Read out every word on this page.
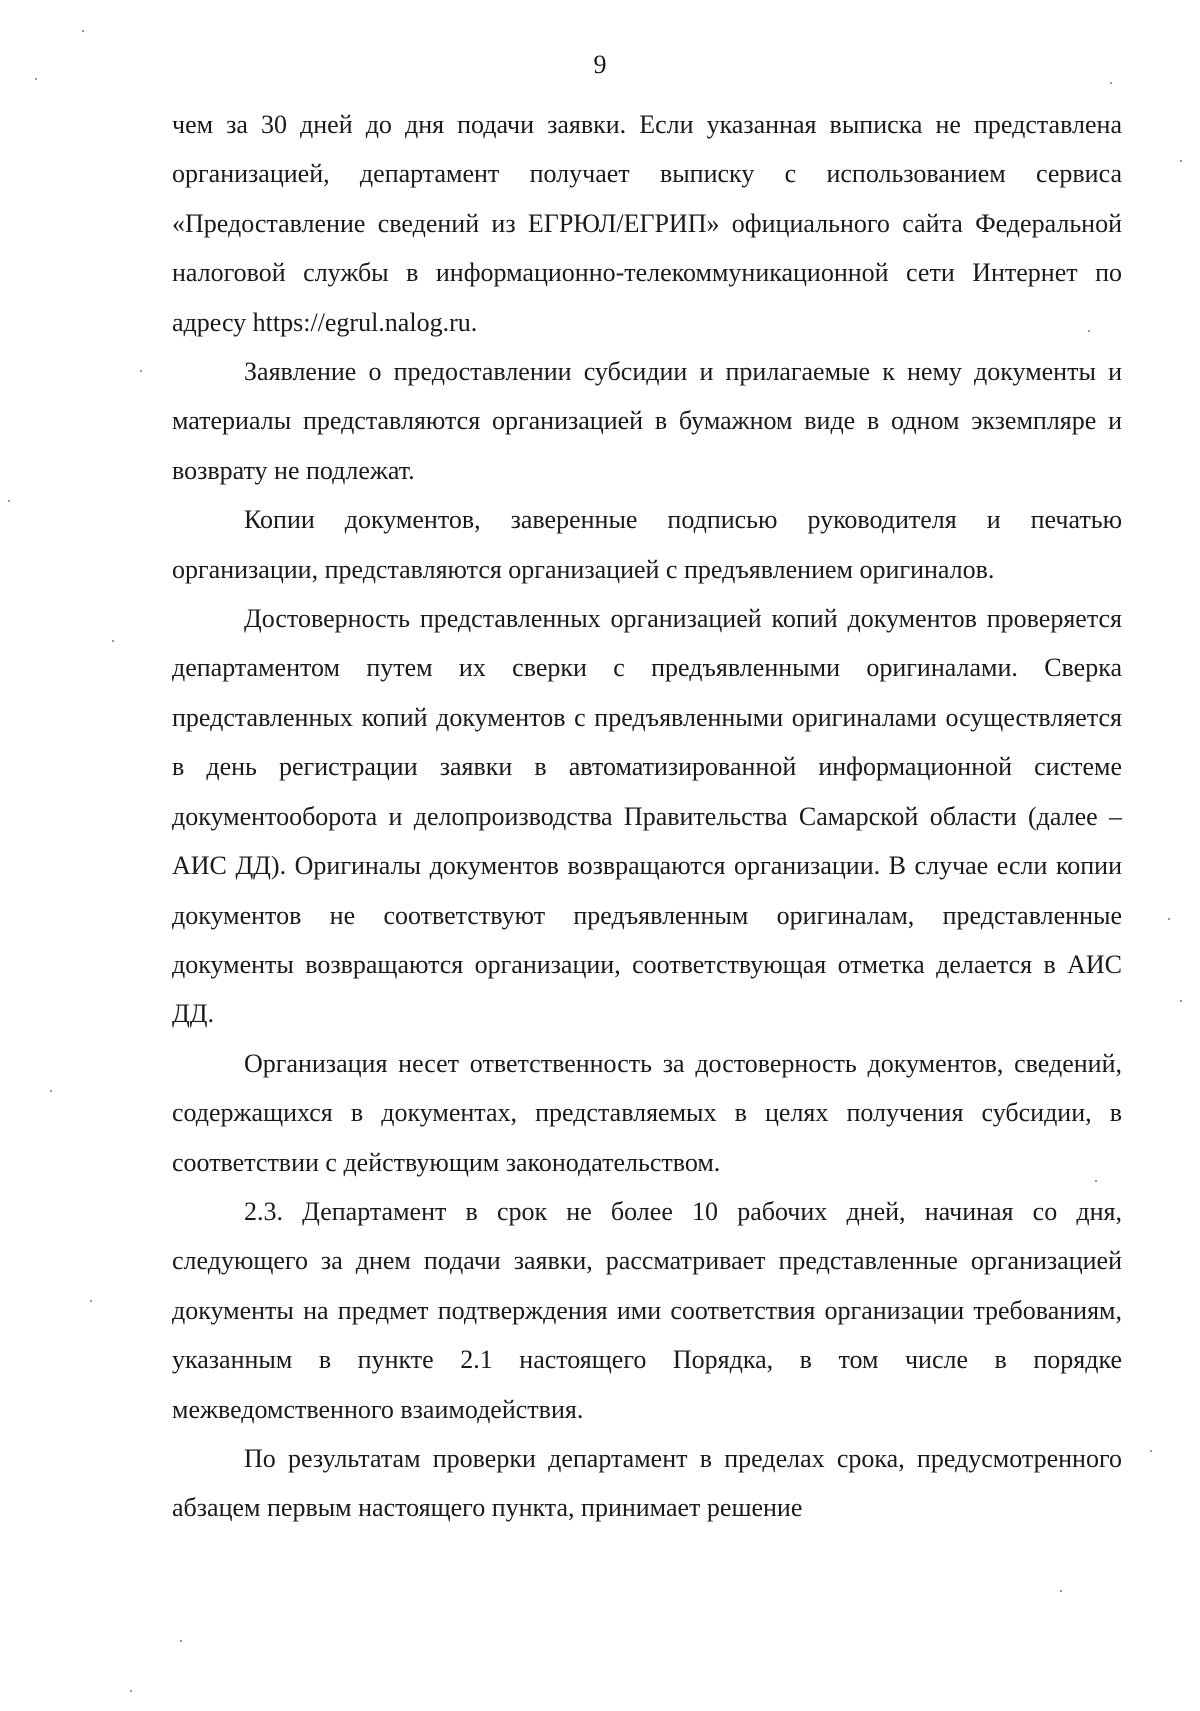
9

чем за 30 дней до дня подачи заявки. Если указанная выписка не представлена организацией, департамент получает выписку с использованием сервиса «Предоставление сведений из ЕГРЮЛ/ЕГРИП» официального сайта Федеральной налоговой службы в информационно-телекоммуникационной сети Интернет по адресу https://egrul.nalog.ru.

Заявление о предоставлении субсидии и прилагаемые к нему документы и материалы представляются организацией в бумажном виде в одном экземпляре и возврату не подлежат.

Копии документов, заверенные подписью руководителя и печатью организации, представляются организацией с предъявлением оригиналов.

Достоверность представленных организацией копий документов проверяется департаментом путем их сверки с предъявленными оригиналами. Сверка представленных копий документов с предъявленными оригиналами осуществляется в день регистрации заявки в автоматизированной информационной системе документооборота и делопроизводства Правительства Самарской области (далее – АИС ДД). Оригиналы документов возвращаются организации. В случае если копии документов не соответствуют предъявленным оригиналам, представленные документы возвращаются организации, соответствующая отметка делается в АИС ДД.

Организация несет ответственность за достоверность документов, сведений, содержащихся в документах, представляемых в целях получения субсидии, в соответствии с действующим законодательством.

2.3. Департамент в срок не более 10 рабочих дней, начиная со дня, следующего за днем подачи заявки, рассматривает представленные организацией документы на предмет подтверждения ими соответствия организации требованиям, указанным в пункте 2.1 настоящего Порядка, в том числе в порядке межведомственного взаимодействия.

По результатам проверки департамент в пределах срока, предусмотренного абзацем первым настоящего пункта, принимает решение
